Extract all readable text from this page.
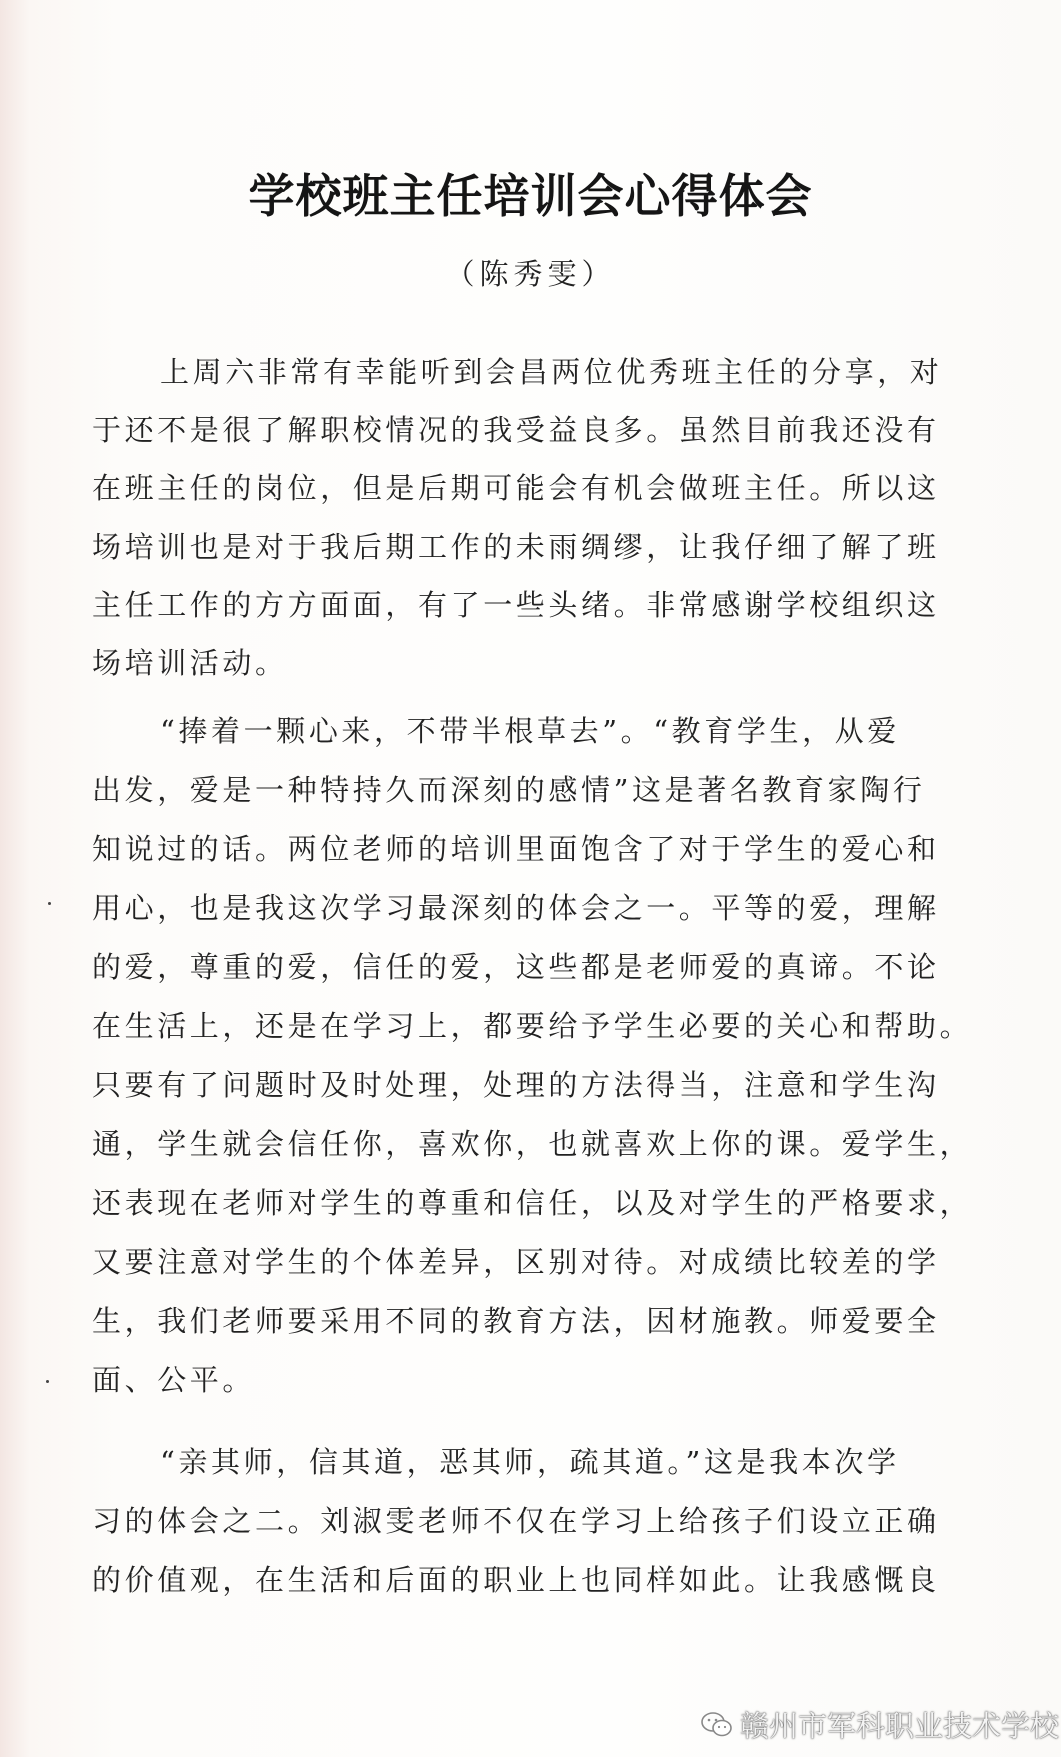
学校班主任培训会心得体会
（陈秀雯）
上周六非常有幸能听到会昌两位优秀班主任的分享，对
于还不是很了解职校情况的我受益良多。虽然目前我还没有
在班主任的岗位，但是后期可能会有机会做班主任。所以这
场培训也是对于我后期工作的未雨绸缪，让我仔细了解了班
主任工作的方方面面，有了一些头绪。非常感谢学校组织这
场培训活动。
“捧着一颗心来，不带半根草去”。“教育学生，从爱
出发，爱是一种特持久而深刻的感情”这是著名教育家陶行
知说过的话。两位老师的培训里面饱含了对于学生的爱心和
用心，也是我这次学习最深刻的体会之一。平等的爱，理解
的爱，尊重的爱，信任的爱，这些都是老师爱的真谛。不论
在生活上，还是在学习上，都要给予学生必要的关心和帮助。
只要有了问题时及时处理，处理的方法得当，注意和学生沟
通，学生就会信任你，喜欢你，也就喜欢上你的课。爱学生，
还表现在老师对学生的尊重和信任，以及对学生的严格要求，
又要注意对学生的个体差异，区别对待。对成绩比较差的学
生，我们老师要采用不同的教育方法，因材施教。师爱要全
面、公平。
“亲其师，信其道，恶其师，疏其道。”这是我本次学
习的体会之二。刘淑雯老师不仅在学习上给孩子们设立正确
的价值观，在生活和后面的职业上也同样如此。让我感慨良
赣州市军科职业技术学校
